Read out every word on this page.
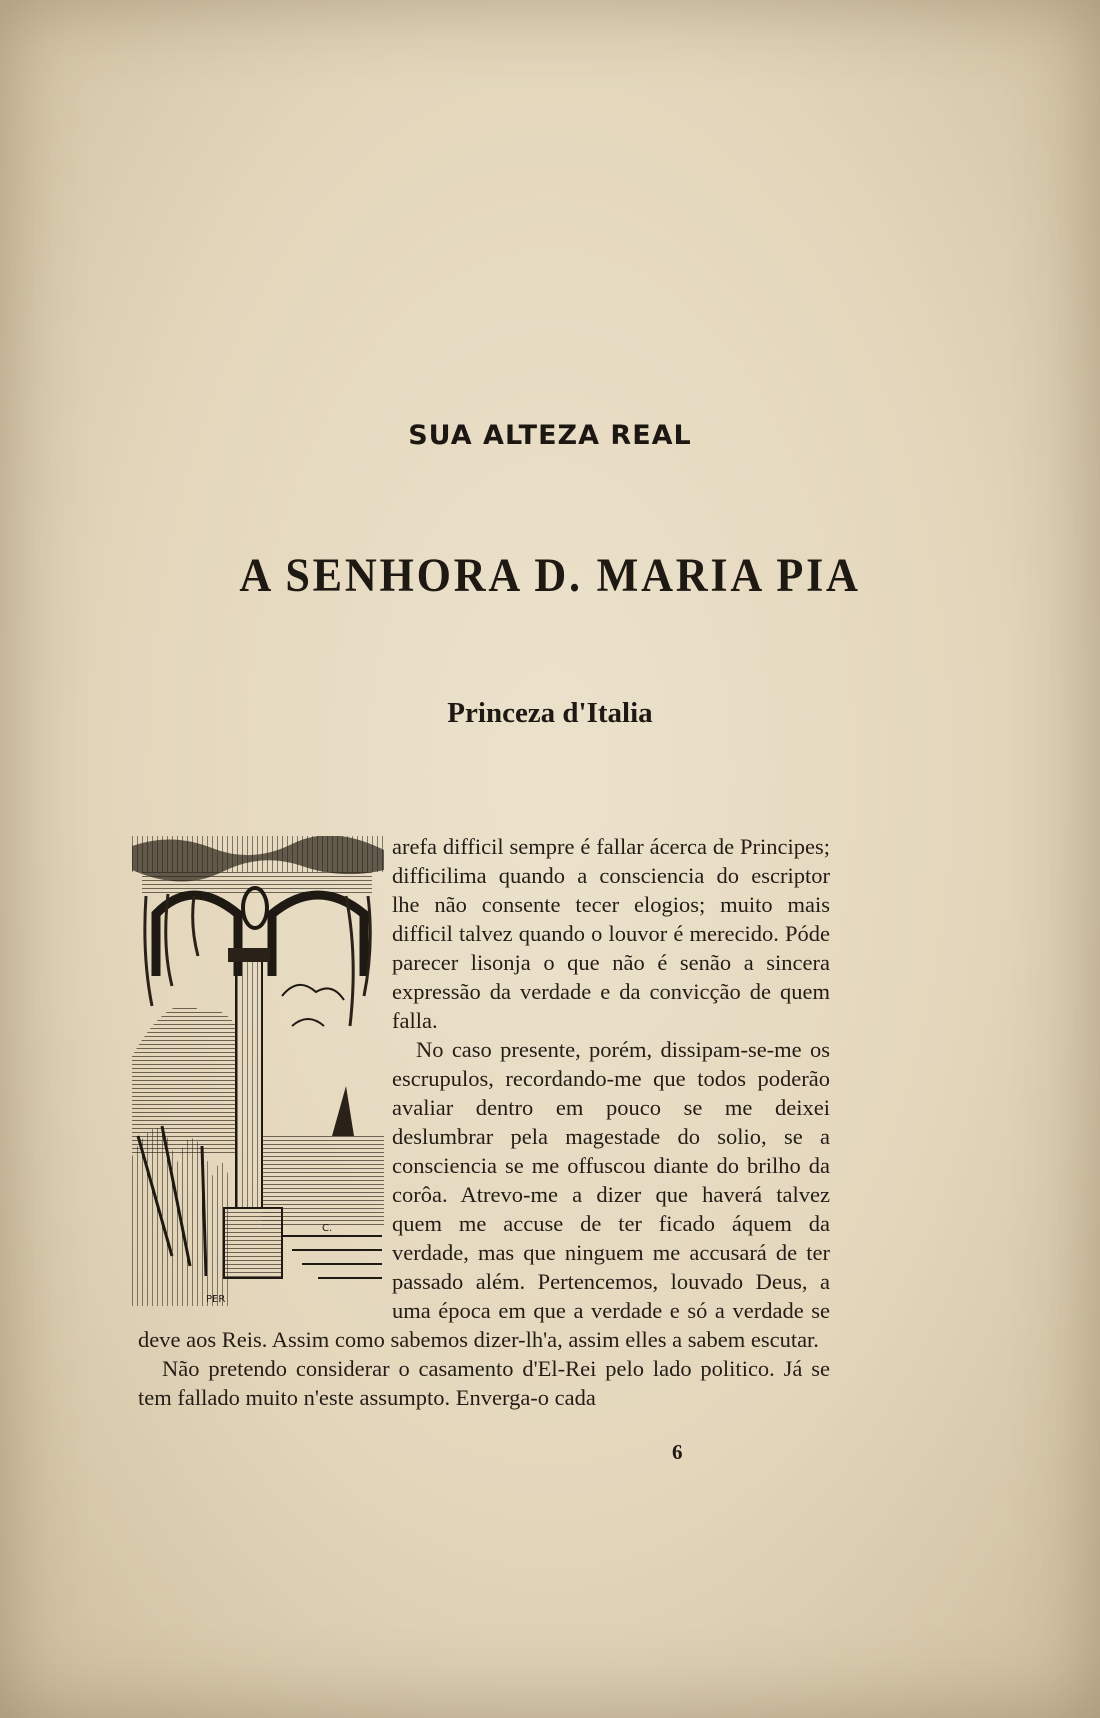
SUA ALTEZA REAL
A SENHORA D. MARIA PIA
Princeza d'Italia
C.
PER

arefa difficil sempre é fallar ácerca de Principes; difficilima quando a consciencia do escriptor lhe não consente tecer elogios; muito mais difficil talvez quando o louvor é merecido. Póde parecer lisonja o que não é senão a sincera expressão da verdade e da convicção de quem falla.

No caso presente, porém, dissipam-se-me os escrupulos, recordando-me que todos poderão avaliar dentro em pouco se me deixei deslumbrar pela magestade do solio, se a consciencia se me offuscou diante do brilho da corôa. Atrevo-me a dizer que haverá talvez quem me accuse de ter ficado áquem da verdade, mas que ninguem me accusará de ter passado além. Pertencemos, louvado Deus, a uma época em que a verdade e só a verdade se deve aos Reis. Assim como sabemos dizer-lh'a, assim elles a sabem escutar.

Não pretendo considerar o casamento d'El-Rei pelo lado politico. Já se tem fallado muito n'este assumpto. Enverga-o cada

6
